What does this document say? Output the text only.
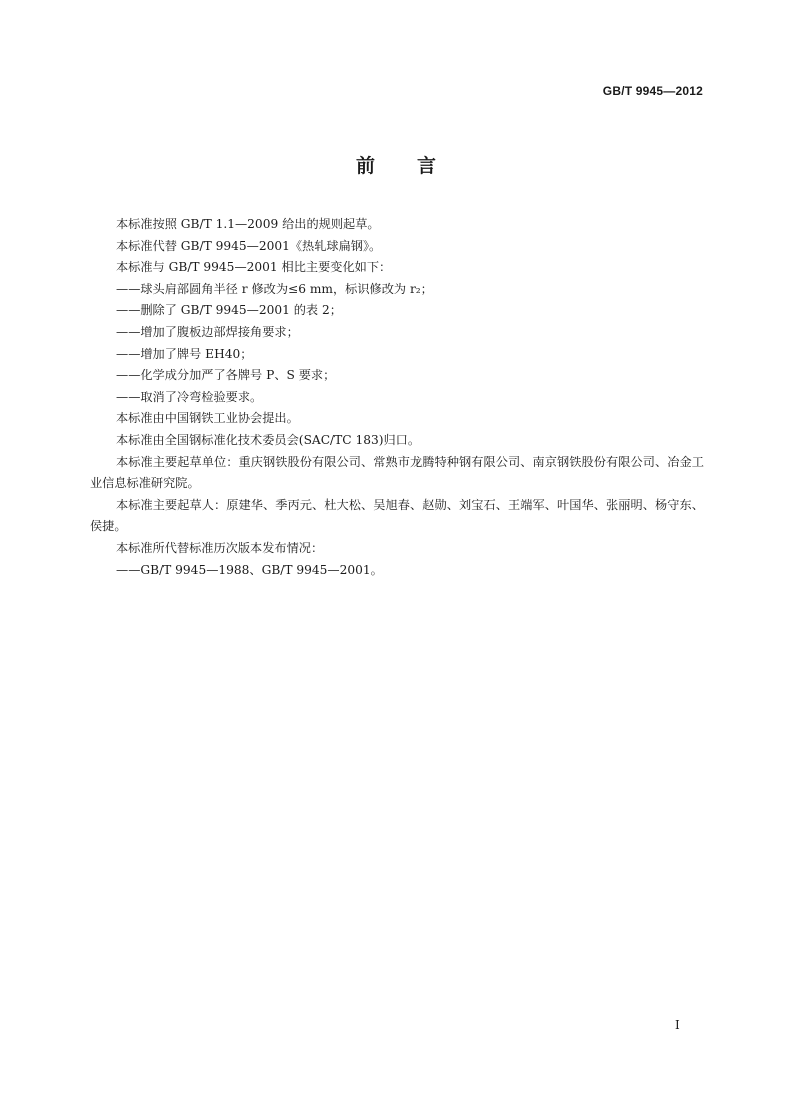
GB/T 9945—2012
前言

本标准按照 GB/T 1.1—2009 给出的规则起草。

本标准代替 GB/T 9945—2001《热轧球扁钢》。

本标准与 GB/T 9945—2001 相比主要变化如下：

——球头肩部圆角半径 r 修改为≤6 mm，标识修改为 r₂；

——删除了 GB/T 9945—2001 的表 2；

——增加了腹板边部焊接角要求；

——增加了牌号 EH40；

——化学成分加严了各牌号 P、S 要求；

——取消了冷弯检验要求。

本标准由中国钢铁工业协会提出。

本标准由全国钢标准化技术委员会(SAC/TC 183)归口。

本标准主要起草单位：重庆钢铁股份有限公司、常熟市龙腾特种钢有限公司、南京钢铁股份有限公司、冶金工业信息标准研究院。

本标准主要起草人：原建华、季丙元、杜大松、吴旭春、赵勋、刘宝石、王端军、叶国华、张丽明、杨守东、侯捷。

本标准所代替标准历次版本发布情况：

——GB/T 9945—1988、GB/T 9945—2001。

I
